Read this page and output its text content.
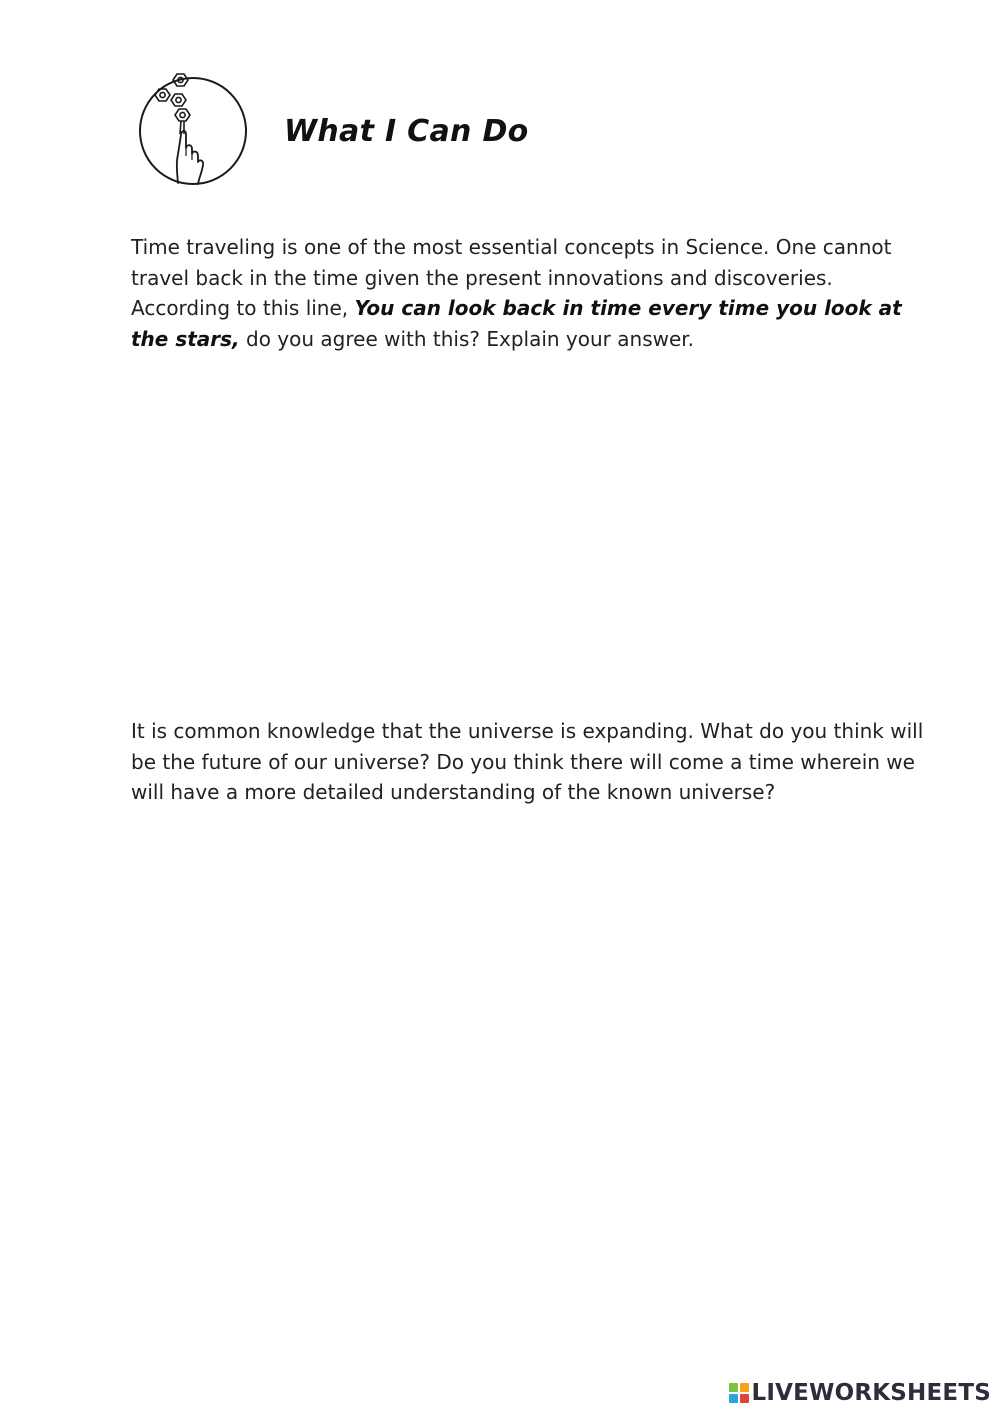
What I Can Do

Time traveling is one of the most essential concepts in Science. One cannot travel back in the time given the present innovations and discoveries. According to this line, You can look back in time every time you look at the stars, do you agree with this? Explain your answer.

It is common knowledge that the universe is expanding. What do you think will be the future of our universe? Do you think there will come a time wherein we will have a more detailed understanding of the known universe?

LIVEWORKSHEETS
